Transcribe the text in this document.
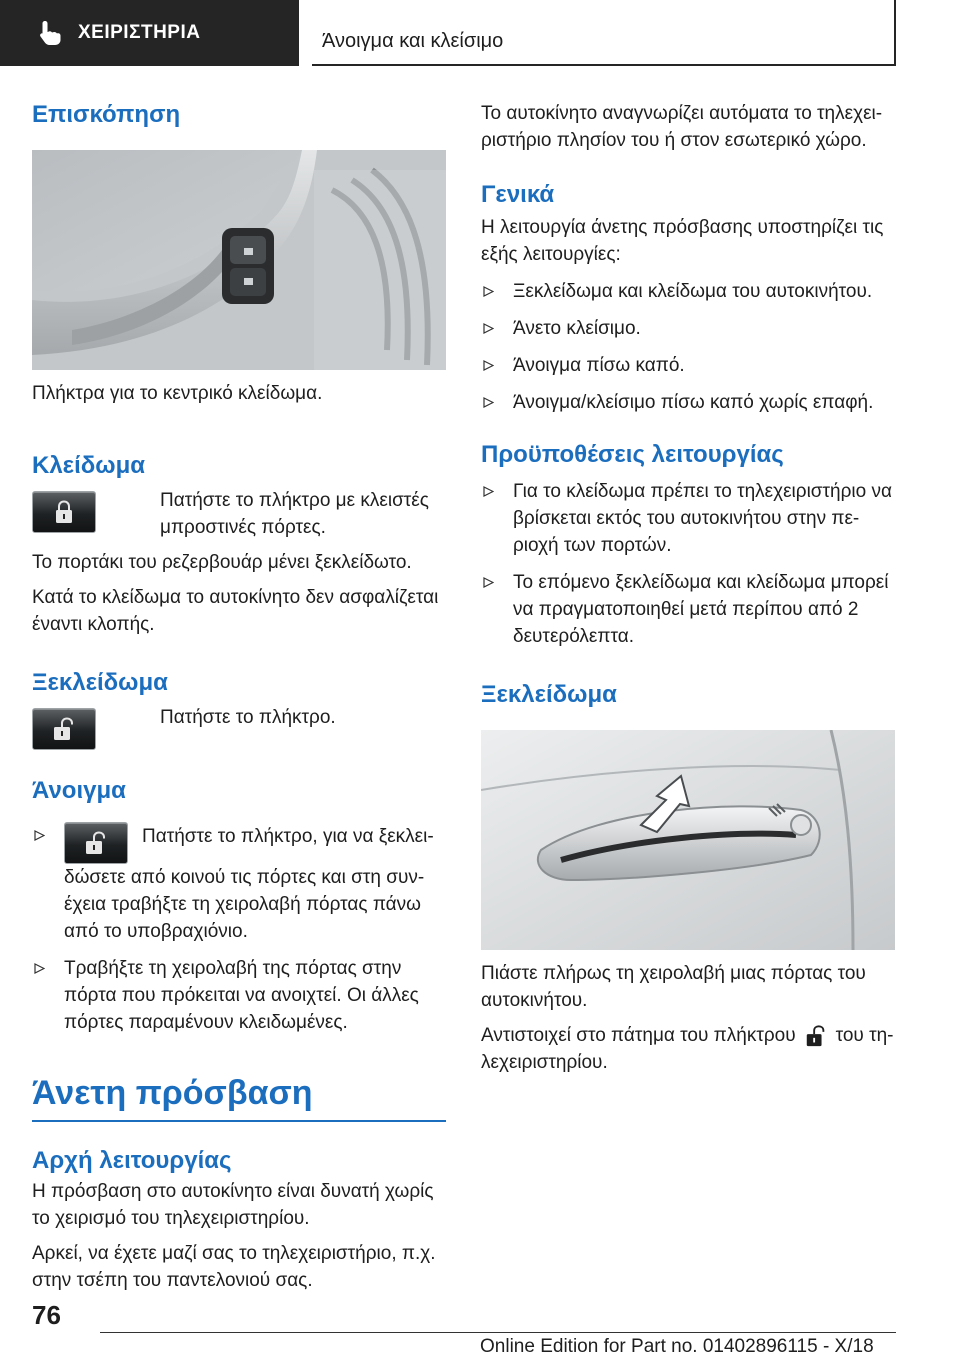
ΧΕΙΡΙΣΤΗΡΙΑ	Άνοιγμα και κλείσιμο
Επισκόπηση

Πλήκτρα για το κεντρικό κλείδωμα.

Κλείδωμα

Πατήστε το πλήκτρο με κλειστές μπροστινές πόρτες.

Το πορτάκι του ρεζερβουάρ μένει ξεκλείδωτο.

Κατά το κλείδωμα το αυτοκίνητο δεν ασφαλίζεται έναντι κλοπής.

Ξεκλείδωμα

Πατήστε το πλήκτρο.

Άνοιγμα
Πατήστε το πλήκτρο, για να ξεκλειδώσετε από κοινού τις πόρτες και στη συνέχεια τραβήξτε τη χειρολαβή πόρτας πάνω από το υποβραχιόνιο.
Τραβήξτε τη χειρολαβή της πόρτας στην πόρτα που πρόκειται να ανοιχτεί. Οι άλλες πόρτες παραμένουν κλειδωμένες.
Άνετη πρόσβαση
Αρχή λειτουργίας

Η πρόσβαση στο αυτοκίνητο είναι δυνατή χωρίς το χειρισμό του τηλεχειριστηρίου.

Αρκεί, να έχετε μαζί σας το τηλεχειριστήριο, π.χ. στην τσέπη του παντελονιού σας.

Το αυτοκίνητο αναγνωρίζει αυτόματα το τηλεχειριστήριο πλησίον του ή στον εσωτερικό χώρο.

Γενικά

Η λειτουργία άνετης πρόσβασης υποστηρίζει τις εξής λειτουργίες:

Ξεκλείδωμα και κλείδωμα του αυτοκινήτου.
Άνετο κλείσιμο.
Άνοιγμα πίσω καπό.
Άνοιγμα/κλείσιμο πίσω καπό χωρίς επαφή.
Προϋποθέσεις λειτουργίας
Για το κλείδωμα πρέπει το τηλεχειριστήριο να βρίσκεται εκτός του αυτοκινήτου στην περιοχή των πορτών.
Το επόμενο ξεκλείδωμα και κλείδωμα μπορεί να πραγματοποιηθεί μετά περίπου από 2 δευτερόλεπτα.
Ξεκλείδωμα

Πιάστε πλήρως τη χειρολαβή μιας πόρτας του αυτοκινήτου.

Αντιστοιχεί στο πάτημα του πλήκτρου του τηλεχειριστηρίου.

76
Online Edition for Part no. 01402896115 - X/18
